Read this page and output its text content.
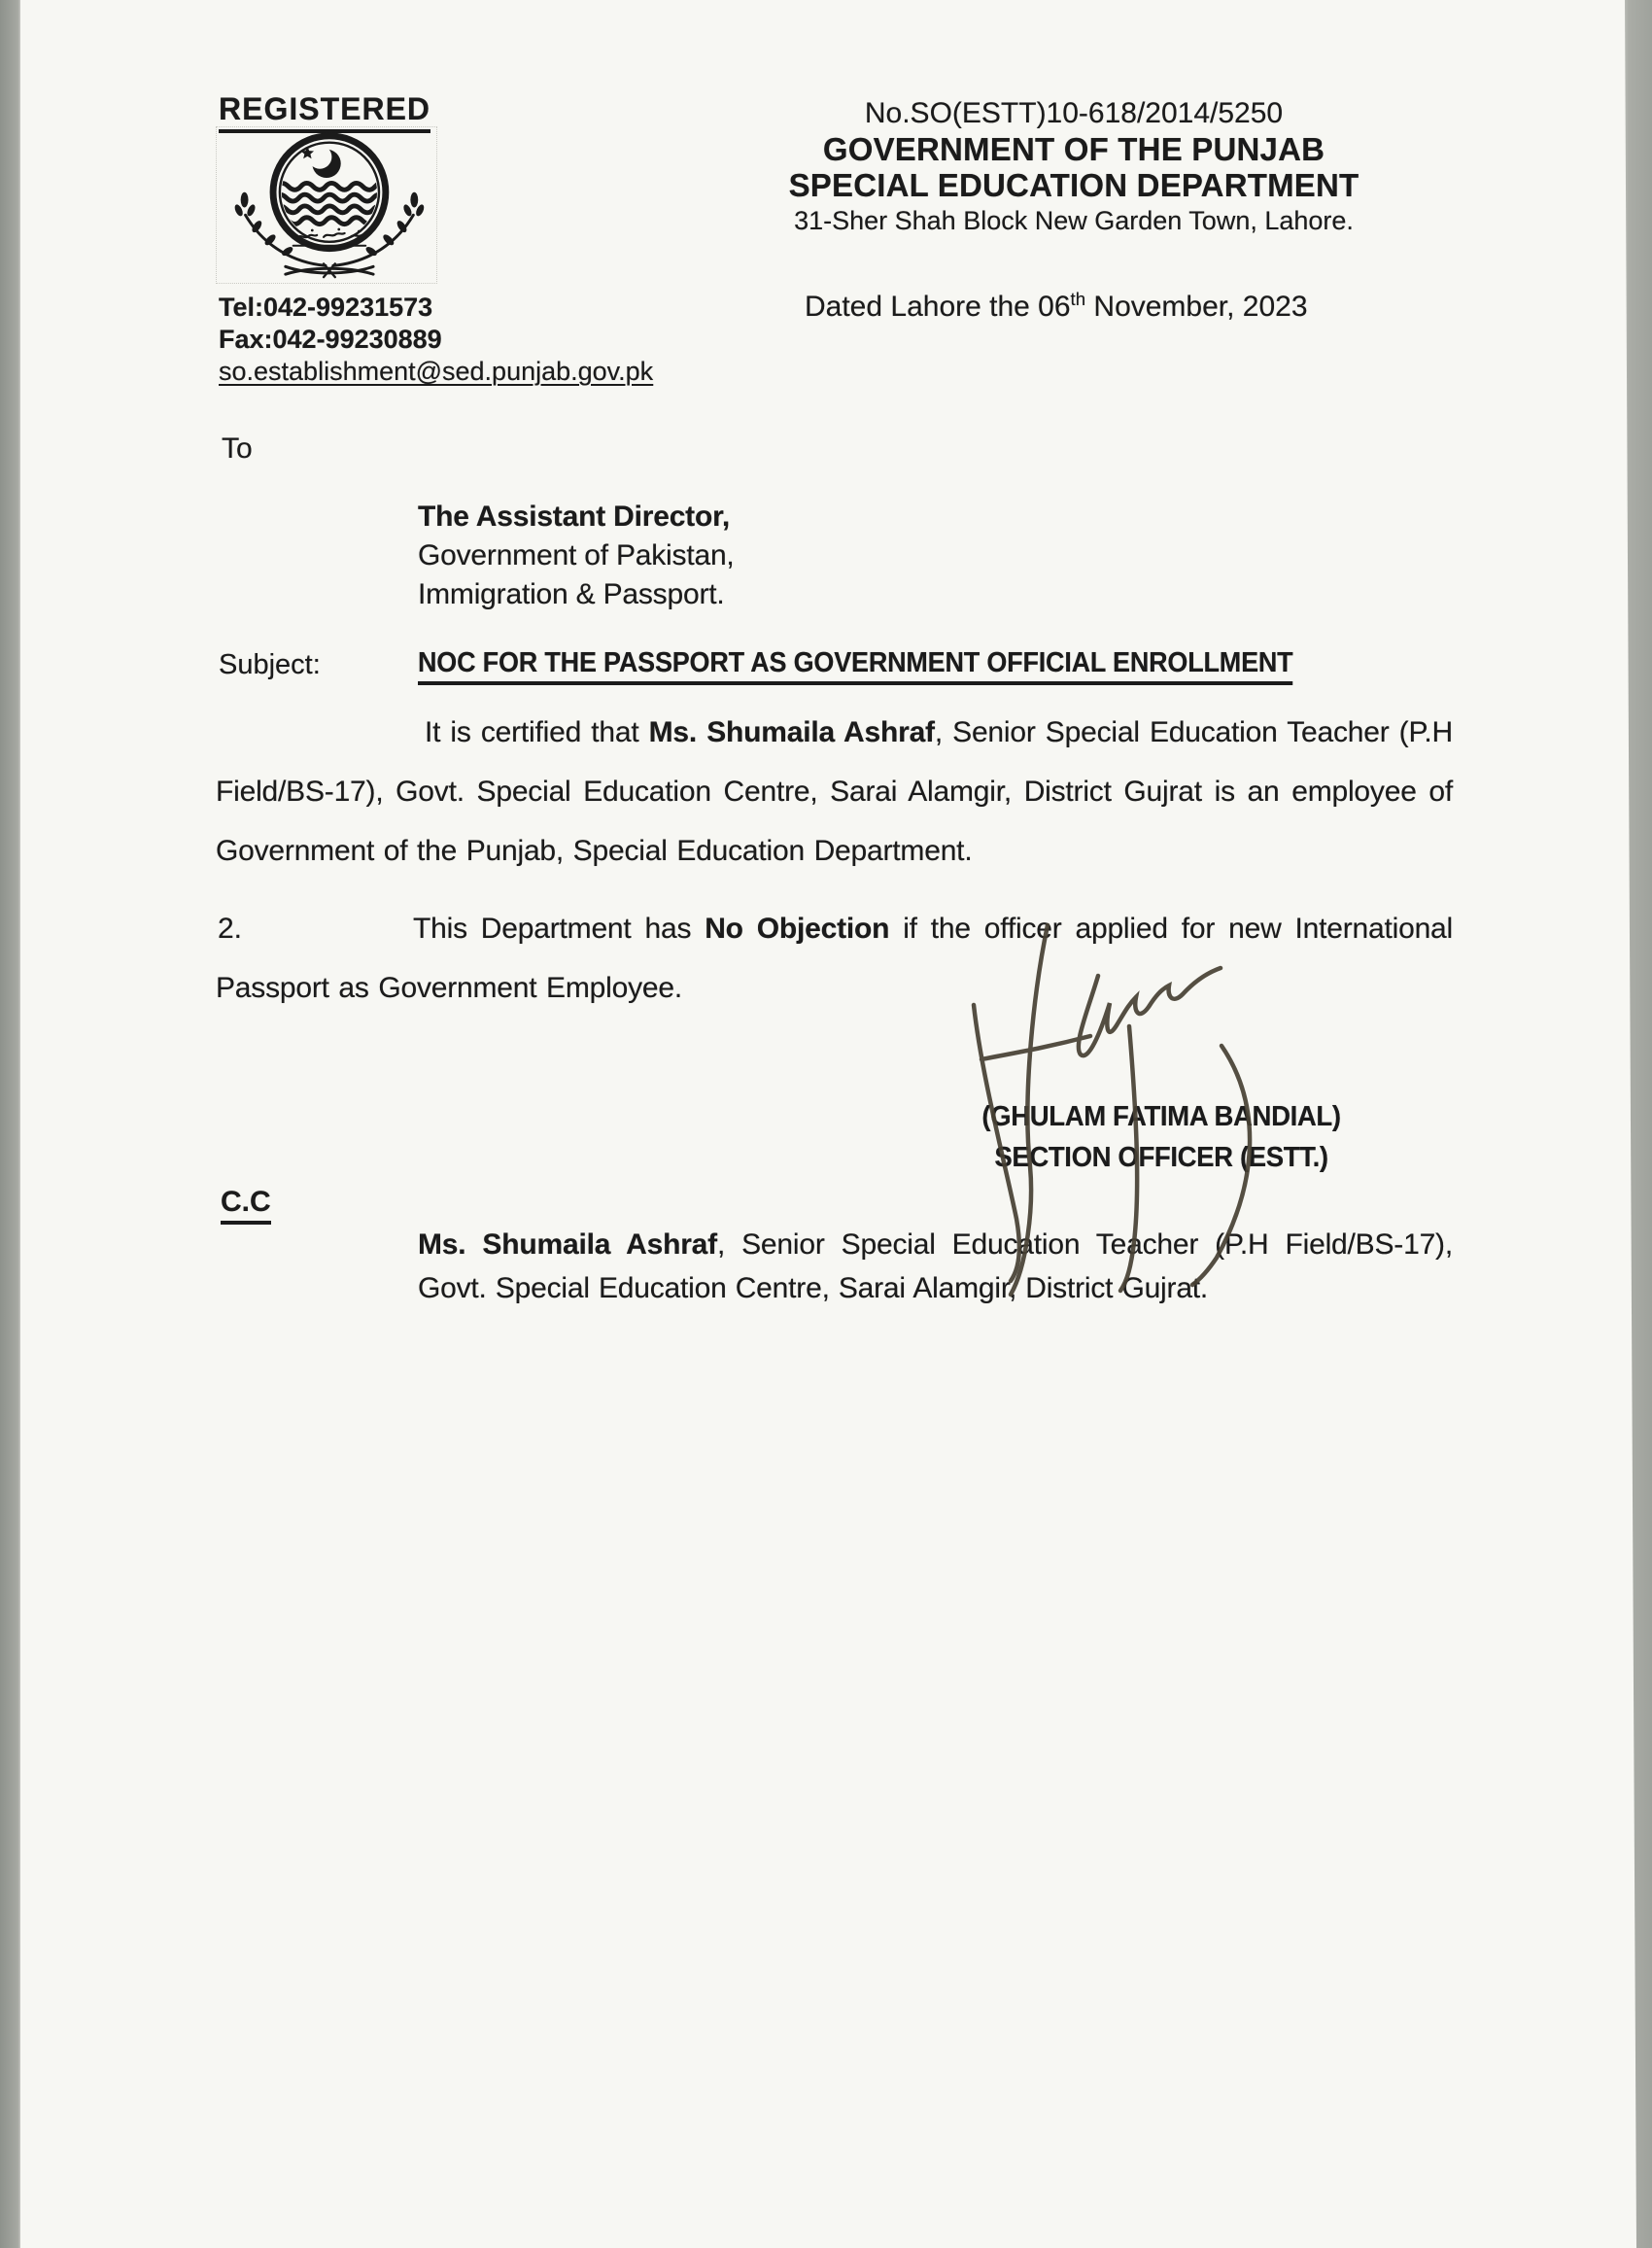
REGISTERED	No.SO(ESTT)10-618/2014/5250
GOVERNMENT OF THE PUNJAB
SPECIAL EDUCATION DEPARTMENT
31-Sher Shah Block New Garden Town, Lahore.
Tel:042-99231573
Fax:042-99230889
so.establishment@sed.punjab.gov.pk
Dated Lahore the 06th November, 2023
To
The Assistant Director,
Government of Pakistan,
Immigration & Passport.
Subject:	NOC FOR THE PASSPORT AS GOVERNMENT OFFICIAL ENROLLMENT
It is certified that Ms. Shumaila Ashraf, Senior Special Education Teacher (P.H Field/BS-17), Govt. Special Education Centre, Sarai Alamgir, District Gujrat is an employee of Government of the Punjab, Special Education Department.
2.	This Department has No Objection if the officer applied for new International Passport as Government Employee.
(GHULAM FATIMA BANDIAL)
SECTION OFFICER (ESTT.)
C.C
Ms. Shumaila Ashraf, Senior Special Education Teacher (P.H Field/BS-17), Govt. Special Education Centre, Sarai Alamgir, District Gujrat.
